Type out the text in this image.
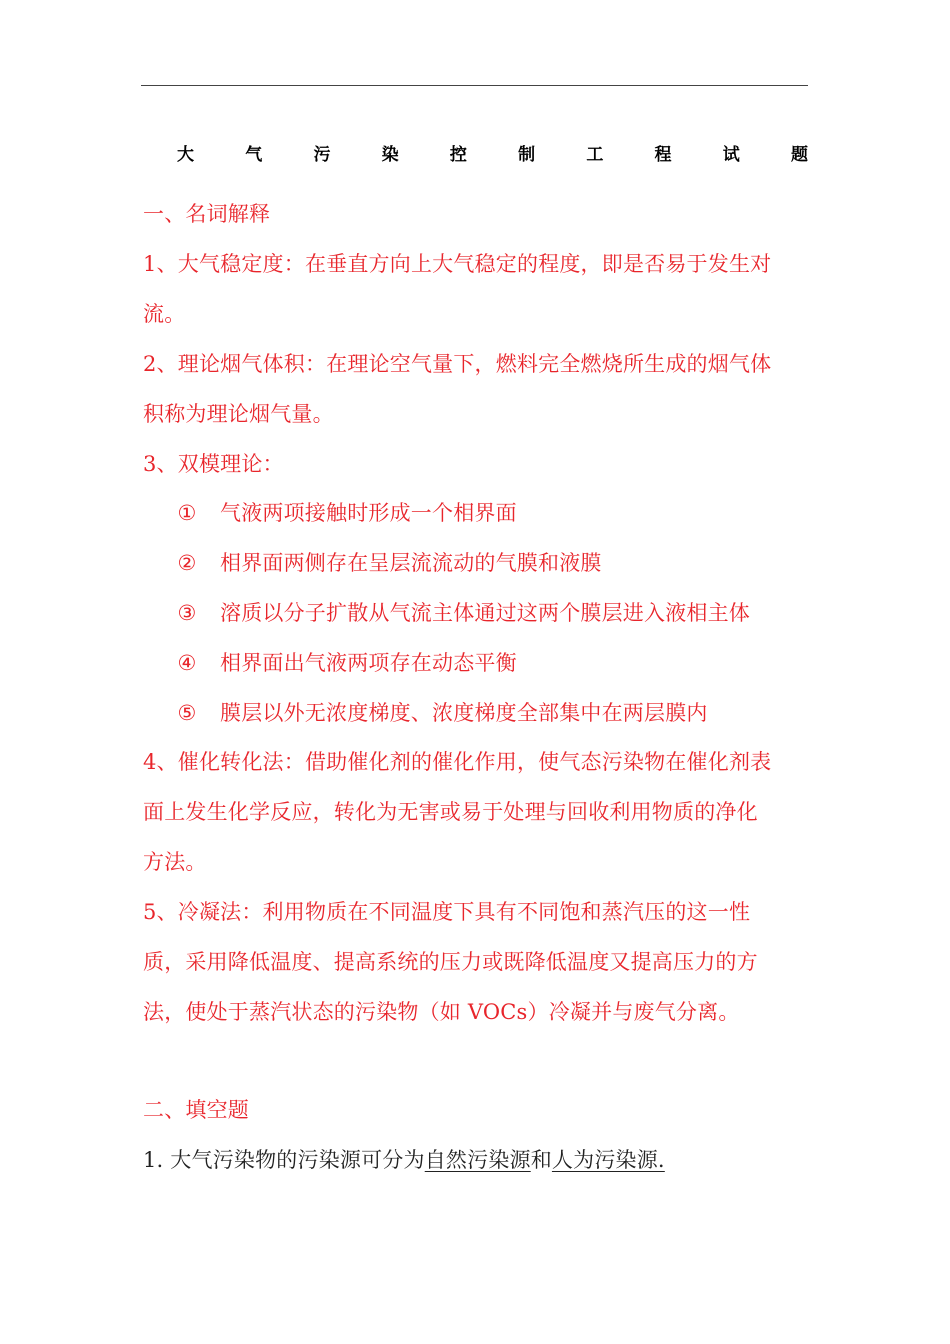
大	气	污	染	控	制	工	程	试	题
一、名词解释
1、大气稳定度：在垂直方向上大气稳定的程度，即是否易于发生对
流。
2、理论烟气体积：在理论空气量下，燃料完全燃烧所生成的烟气体
积称为理论烟气量。
3、双模理论：
① 气液两项接触时形成一个相界面
② 相界面两侧存在呈层流流动的气膜和液膜
③ 溶质以分子扩散从气流主体通过这两个膜层进入液相主体
④ 相界面出气液两项存在动态平衡
⑤ 膜层以外无浓度梯度、浓度梯度全部集中在两层膜内
4、催化转化法：借助催化剂的催化作用，使气态污染物在催化剂表
面上发生化学反应，转化为无害或易于处理与回收利用物质的净化
方法。
5、冷凝法：利用物质在不同温度下具有不同饱和蒸汽压的这一性
质，采用降低温度、提高系统的压力或既降低温度又提高压力的方
法，使处于蒸汽状态的污染物（如 VOCs）冷凝并与废气分离。
二、填空题
1. 大气污染物的污染源可分为自然污染源和人为污染源.
